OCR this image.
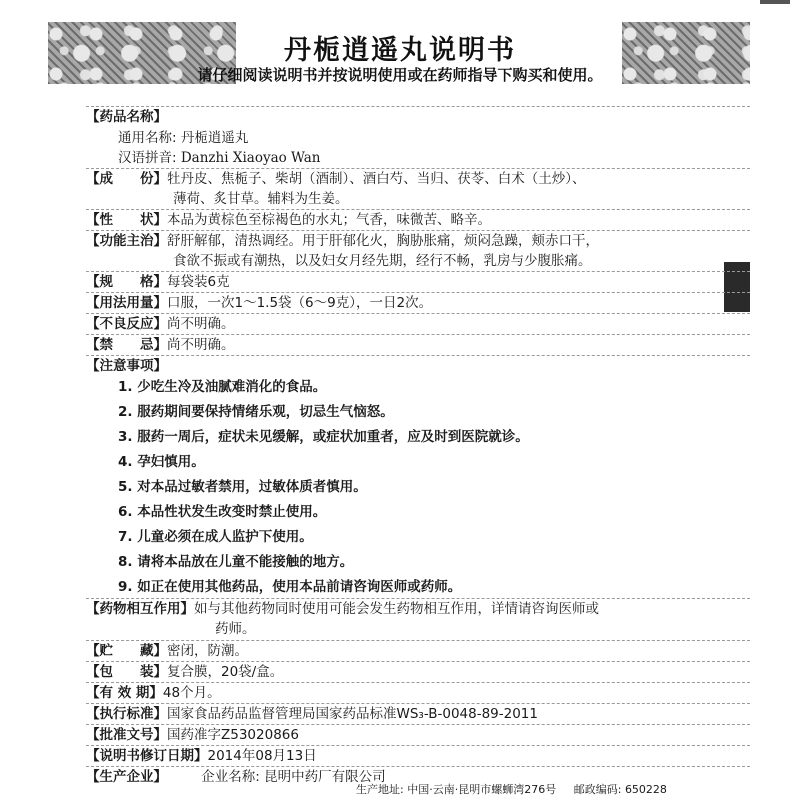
丹栀逍遥丸说明书
请仔细阅读说明书并按说明使用或在药师指导下购买和使用。
【药品名称】
通用名称: 丹栀逍遥丸
汉语拼音: Danzhi Xiaoyao Wan
【成　　份】牡丹皮、焦栀子、柴胡（酒制）、酒白芍、当归、茯苓、白术（土炒）、
薄荷、炙甘草。辅料为生姜。
【性　　状】本品为黄棕色至棕褐色的水丸；气香，味微苦、略辛。
【功能主治】舒肝解郁，清热调经。用于肝郁化火，胸胁胀痛，烦闷急躁，颊赤口干，
食欲不振或有潮热，以及妇女月经先期，经行不畅，乳房与少腹胀痛。
【规　　格】每袋装6克
【用法用量】口服，一次1～1.5袋（6～9克），一日2次。
【不良反应】尚不明确。
【禁　　忌】尚不明确。
【注意事项】
1. 少吃生冷及油腻难消化的食品。
2. 服药期间要保持情绪乐观，切忌生气恼怒。
3. 服药一周后，症状未见缓解，或症状加重者，应及时到医院就诊。
4. 孕妇慎用。
5. 对本品过敏者禁用，过敏体质者慎用。
6. 本品性状发生改变时禁止使用。
7. 儿童必须在成人监护下使用。
8. 请将本品放在儿童不能接触的地方。
9. 如正在使用其他药品，使用本品前请咨询医师或药师。
【药物相互作用】如与其他药物同时使用可能会发生药物相互作用，详情请咨询医师或
药师。
【贮　　藏】密闭，防潮。
【包　　装】复合膜，20袋/盒。
【有 效 期】48个月。
【执行标准】国家食品药品监督管理局国家药品标准WS₃-B-0048-89-2011
【批准文号】国药准字Z53020866
【说明书修订日期】2014年08月13日
【生产企业】	企业名称: 昆明中药厂有限公司
生产地址: 中国·云南·昆明市螺蛳湾276号 邮政编码: 650228
